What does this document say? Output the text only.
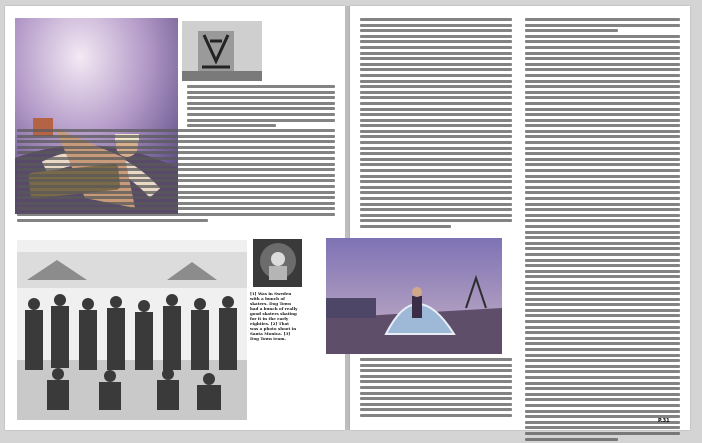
[1] Was in Sweden with a bunch of skaters. Dog Town had a bunch of really good skaters skating for it in the early eighties. [2] That was a photo shoot in Santa Monica. [3] Dog Town team.
P.31
